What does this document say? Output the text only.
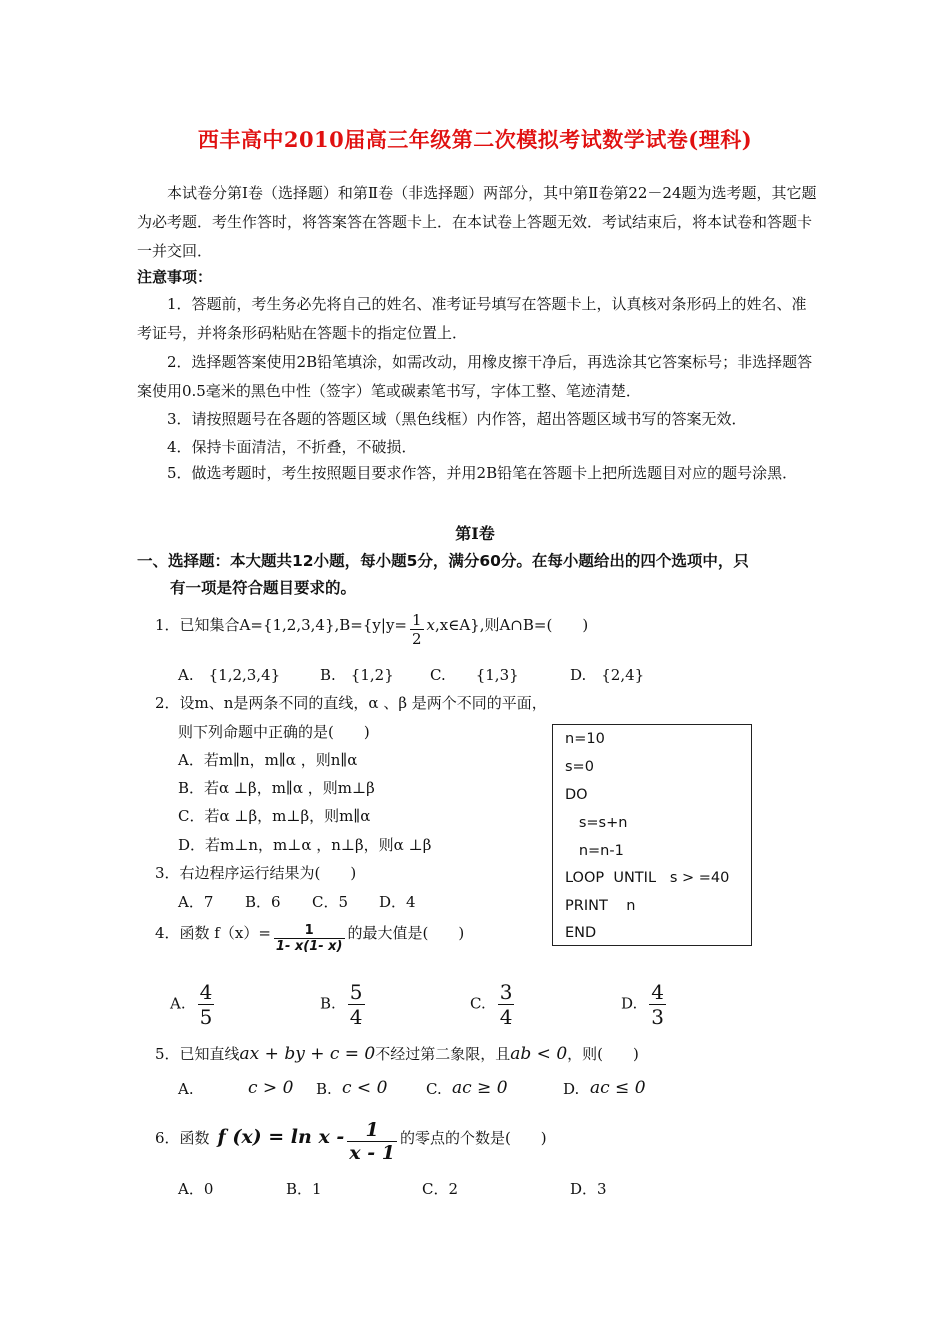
西丰高中2010届高三年级第二次模拟考试数学试卷(理科)
本试卷分第Ⅰ卷（选择题）和第Ⅱ卷（非选择题）两部分，其中第Ⅱ卷第22－24题为选考题，其它题为必考题．考生作答时，将答案答在答题卡上．在本试卷上答题无效．考试结束后，将本试卷和答题卡一并交回．
注意事项：
1．答题前，考生务必先将自己的姓名、准考证号填写在答题卡上，认真核对条形码上的姓名、准考证号，并将条形码粘贴在答题卡的指定位置上．
2．选择题答案使用2B铅笔填涂，如需改动，用橡皮擦干净后，再选涂其它答案标号；非选择题答案使用0.5毫米的黑色中性（签字）笔或碳素笔书写，字体工整、笔迹清楚．
3．请按照题号在各题的答题区域（黑色线框）内作答，超出答题区域书写的答案无效．
4．保持卡面清洁，不折叠，不破损．
5．做选考题时，考生按照题目要求作答，并用2B铅笔在答题卡上把所选题目对应的题号涂黑．
第Ⅰ卷
一、选择题：本大题共12小题，每小题5分，满分60分。在每小题给出的四个选项中，只
有一项是符合题目要求的。
1．已知集合$A=\{1,2,3,4\},B=\{y|y= \frac{1}{2}$ x,x∈A},则A∩B=(　　)
A.　{1,2,3,4}	B.　{1,2} C.　　{1,3}	D.　{2,4}
2．设m、n是两条不同的直线，α 、β 是两个不同的平面，
则下列命题中正确的是(　　)
A．若m∥n，m∥α ，则n∥α
B．若α ⊥β，m∥α ，则m⊥β
C．若α ⊥β，m⊥β，则m∥α
D．若m⊥n，m⊥α ，n⊥β，则α ⊥β
n=10
s=0
DO
s=s+n
n=n-1
LOOP  UNTIL   s > =40
PRINT    n
END
3．右边程序运行结果为(　　)
A．7 B．6 C．5 D．4
4．函数 $f(x)= \frac{1}{1- x(1- x)}$ 的最大值是(　　)
A. $\frac{4}{5}$	B. $\frac{5}{4}$	C. $\frac{3}{4}$	D. $\frac{4}{3}$
5．已知直线ax + by + c = 0不经过第二象限，且ab < 0，则(　　)
A.	c > 0 B. c < 0	C. ac ≥ 0	D. ac ≤ 0
6．函数 f $(x) = \ln x - \frac{1}{x - 1}$ 的零点的个数是(　　)
A．0	B．1	C．2	D．3
